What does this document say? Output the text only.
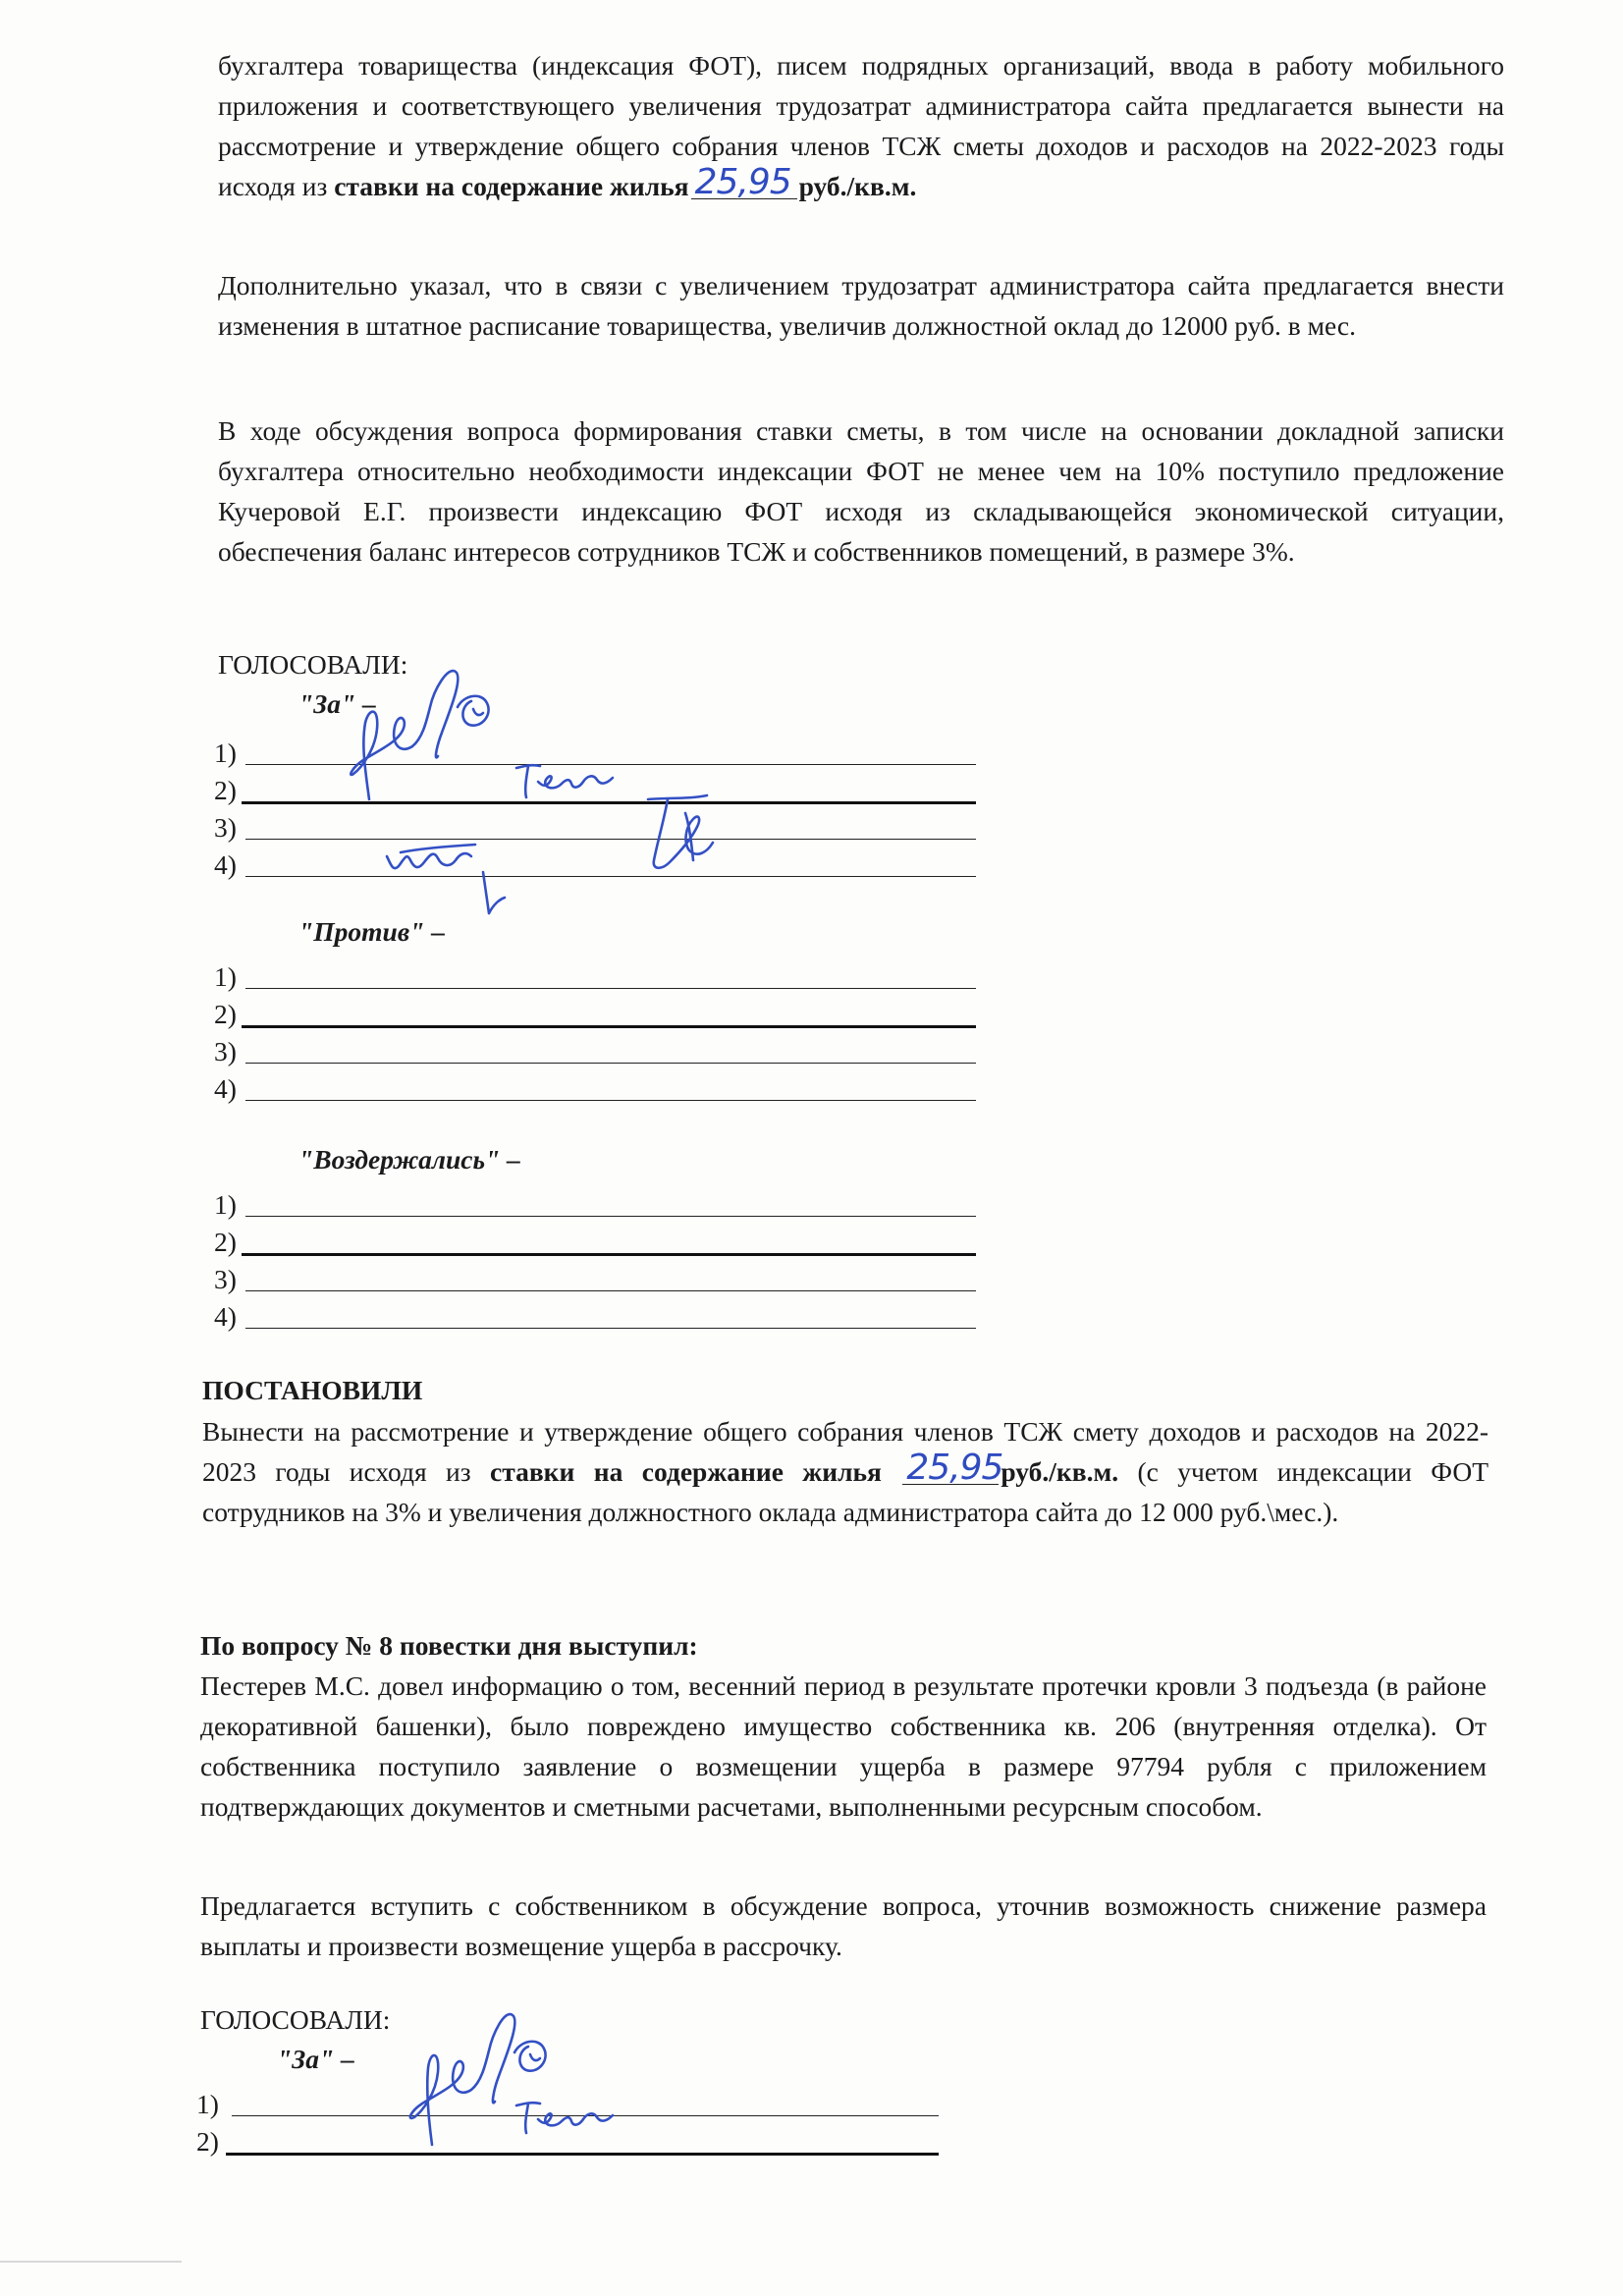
бухгалтера товарищества (индексация ФОТ), писем подрядных организаций, ввода в работу мобильного приложения и соответствующего увеличения трудозатрат администратора сайта предлагается вынести на рассмотрение и утверждение общего собрания членов ТСЖ сметы доходов и расходов на 2022-2023 годы исходя из ставки на содержание жилья 25,95 руб./кв.м.

Дополнительно указал, что в связи с увеличением трудозатрат администратора сайта предлагается внести изменения в штатное расписание товарищества, увеличив должностной оклад до 12000 руб. в мес.

В ходе обсуждения вопроса формирования ставки сметы, в том числе на основании докладной записки бухгалтера относительно необходимости индексации ФОТ не менее чем на 10% поступило предложение Кучеровой Е.Г. произвести индексацию ФОТ исходя из складывающейся экономической ситуации, обеспечения баланс интересов сотрудников ТСЖ и собственников помещений, в размере 3%.

ГОЛОСОВАЛИ:

"За" –

1)
2)
3)
4)

"Против" –

1)
2)
3)
4)

"Воздержались" –

1)
2)
3)
4)

ПОСТАНОВИЛИ

Вынести на рассмотрение и утверждение общего собрания членов ТСЖ смету доходов и расходов на 2022-2023 годы исходя из ставки на содержание жилья 25,95
руб./кв.м. (с учетом индексации ФОТ сотрудников на 3% и увеличения должностного оклада администратора сайта до 12 000 руб.\мес.).

По вопросу № 8 повестки дня выступил:

Пестерев М.С. довел информацию о том, весенний период в результате протечки кровли 3 подъезда (в районе декоративной башенки), было повреждено имущество собственника кв. 206 (внутренняя отделка). От собственника поступило заявление о возмещении ущерба в размере 97794 рубля с приложением подтверждающих документов и сметными расчетами, выполненными ресурсным способом.

Предлагается вступить с собственником в обсуждение вопроса, уточнив возможность снижение размера выплаты и произвести возмещение ущерба в рассрочку.

ГОЛОСОВАЛИ:

"За" –

1)
2)
